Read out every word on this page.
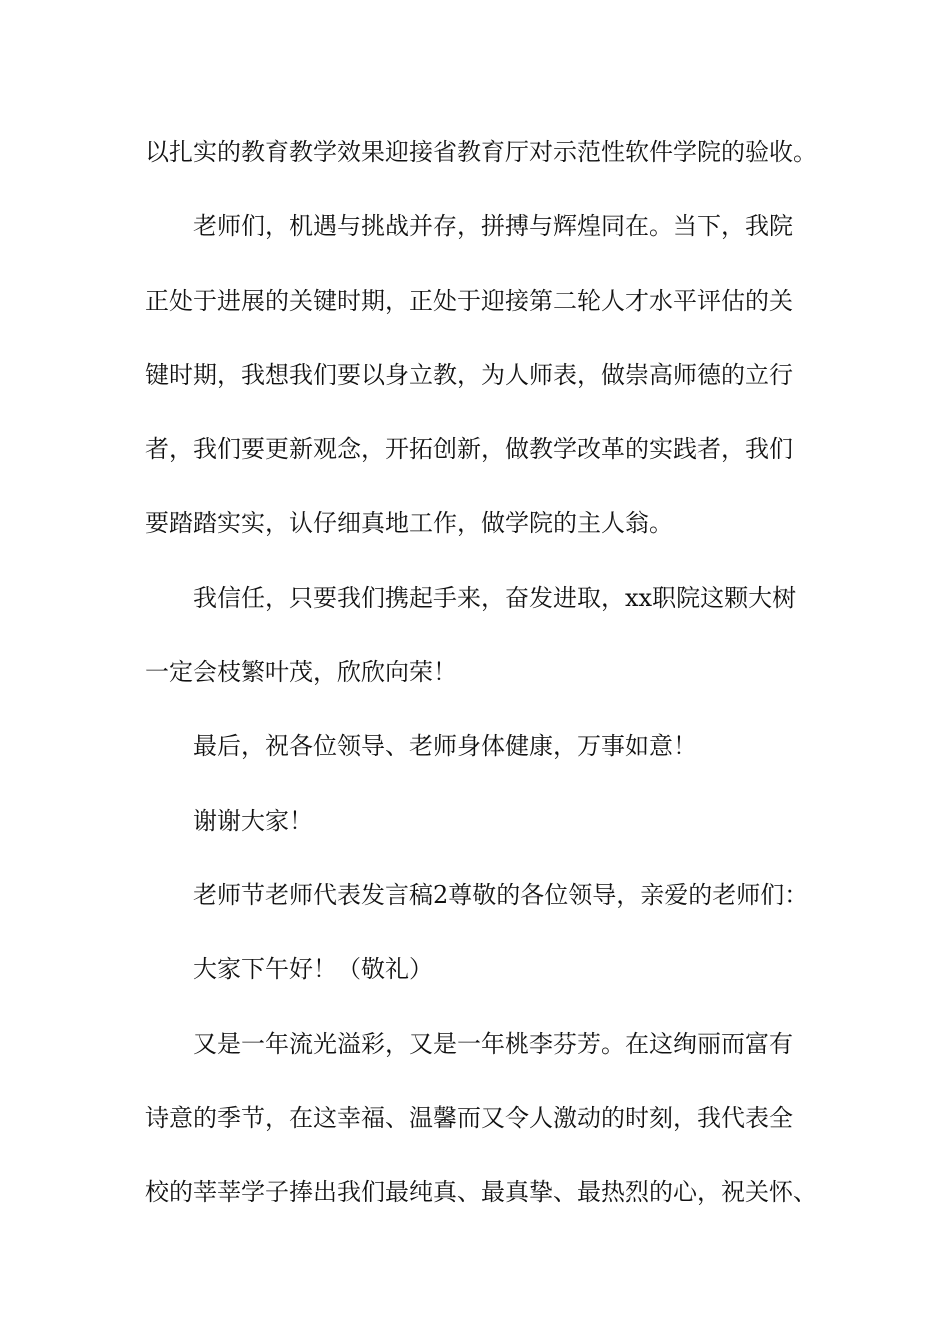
以扎实的教育教学效果迎接省教育厅对示范性软件学院的验收。
老师们，机遇与挑战并存，拼搏与辉煌同在。当下，我院
正处于进展的关键时期，正处于迎接第二轮人才水平评估的关
键时期，我想我们要以身立教，为人师表，做崇高师德的立行
者，我们要更新观念，开拓创新，做教学改革的实践者，我们
要踏踏实实，认仔细真地工作，做学院的主人翁。
我信任，只要我们携起手来，奋发进取，xx职院这颗大树
一定会枝繁叶茂，欣欣向荣！
最后，祝各位领导、老师身体健康，万事如意！
谢谢大家！
老师节老师代表发言稿2尊敬的各位领导，亲爱的老师们：
大家下午好！（敬礼）
又是一年流光溢彩，又是一年桃李芬芳。在这绚丽而富有
诗意的季节，在这幸福、温馨而又令人激动的时刻，我代表全
校的莘莘学子捧出我们最纯真、最真挚、最热烈的心，祝关怀、
